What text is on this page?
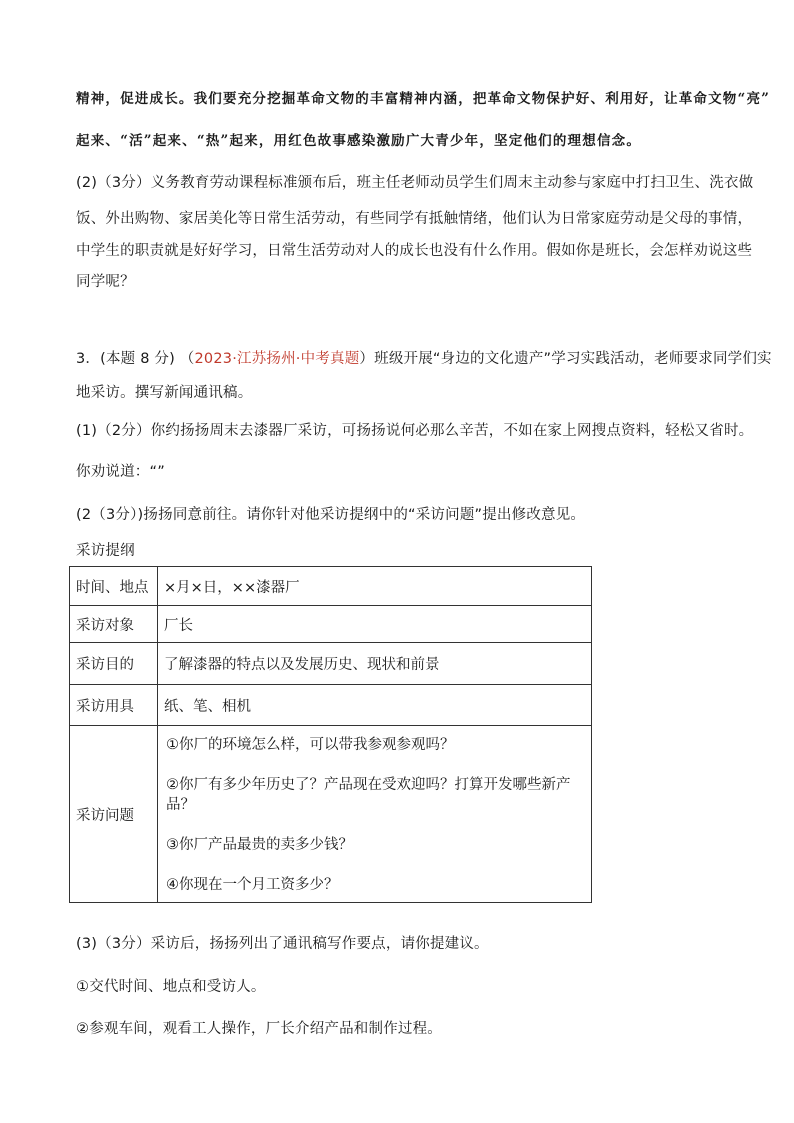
精神，促进成长。我们要充分挖掘革命文物的丰富精神内涵，把革命文物保护好、利用好，让革命文物“亮”
起来、“活”起来、“热”起来，用红色故事感染激励广大青少年，坚定他们的理想信念。
(2)（3分）义务教育劳动课程标准颁布后，班主任老师动员学生们周末主动参与家庭中打扫卫生、洗衣做
饭、外出购物、家居美化等日常生活劳动，有些同学有抵触情绪，他们认为日常家庭劳动是父母的事情，
中学生的职责就是好好学习，日常生活劳动对人的成长也没有什么作用。假如你是班长，会怎样劝说这些
同学呢？
3．(本题 8 分) （2023·江苏扬州·中考真题）班级开展“身边的文化遗产”学习实践活动，老师要求同学们实
地采访。撰写新闻通讯稿。
(1)（2分）你约扬扬周末去漆器厂采访，可扬扬说何必那么辛苦，不如在家上网搜点资料，轻松又省时。
你劝说道：“”
(2（3分）)扬扬同意前往。请你针对他采访提纲中的“采访问题”提出修改意见。
采访提纲
时间、地点	×月×日，××漆器厂
采访对象	厂长
采访目的	了解漆器的特点以及发展历史、现状和前景
采访用具	纸、笔、相机
采访问题	①你厂的环境怎么样，可以带我参观参观吗？
②你厂有多少年历史了？产品现在受欢迎吗？打算开发哪些新产品？
③你厂产品最贵的卖多少钱？
④你现在一个月工资多少？
(3)（3分）采访后，扬扬列出了通讯稿写作要点，请你提建议。
①交代时间、地点和受访人。
②参观车间，观看工人操作，厂长介绍产品和制作过程。
